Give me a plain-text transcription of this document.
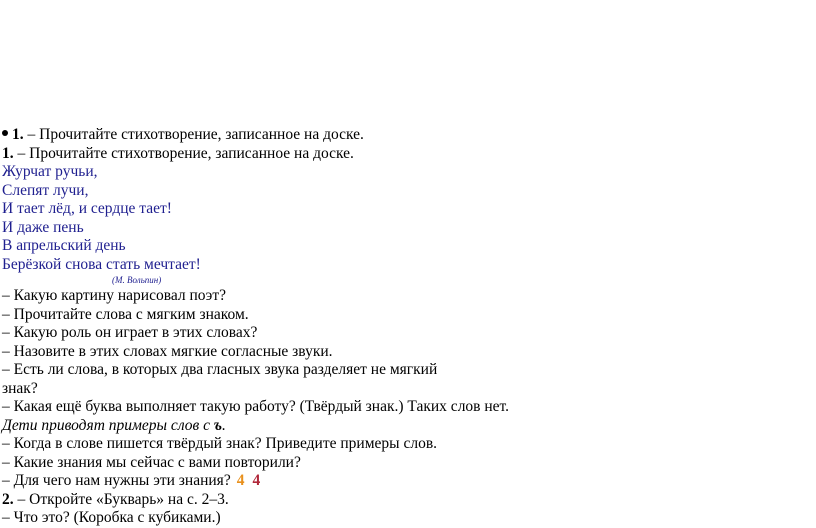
1. – Прочитайте стихотворение, записанное на доске.
1. – Прочитайте стихотворение, записанное на доске.
Журчат ручьи,
Слепят лучи,
И тает лёд, и сердце тает!
И даже пень
В апрельский день
Берёзкой снова стать мечтает!
(М. Вольпин)
– Какую картину нарисовал поэт?
– Прочитайте слова с мягким знаком.
– Какую роль он играет в этих словах?
– Назовите в этих словах мягкие согласные звуки.
– Есть ли слова, в которых два гласных звука разделяет не мягкий
знак?
– Какая ещё буква выполняет такую работу? (Твёрдый знак.) Таких слов нет.
Дети приводят примеры слов с ъ.
– Когда в слове пишется твёрдый знак? Приведите примеры слов.
– Какие знания мы сейчас с вами повторили?
– Для чего нам нужны эти знания? 4 4
2. – Откройте «Букварь» на с. 2–3.
– Что это? (Коробка с кубиками.)
